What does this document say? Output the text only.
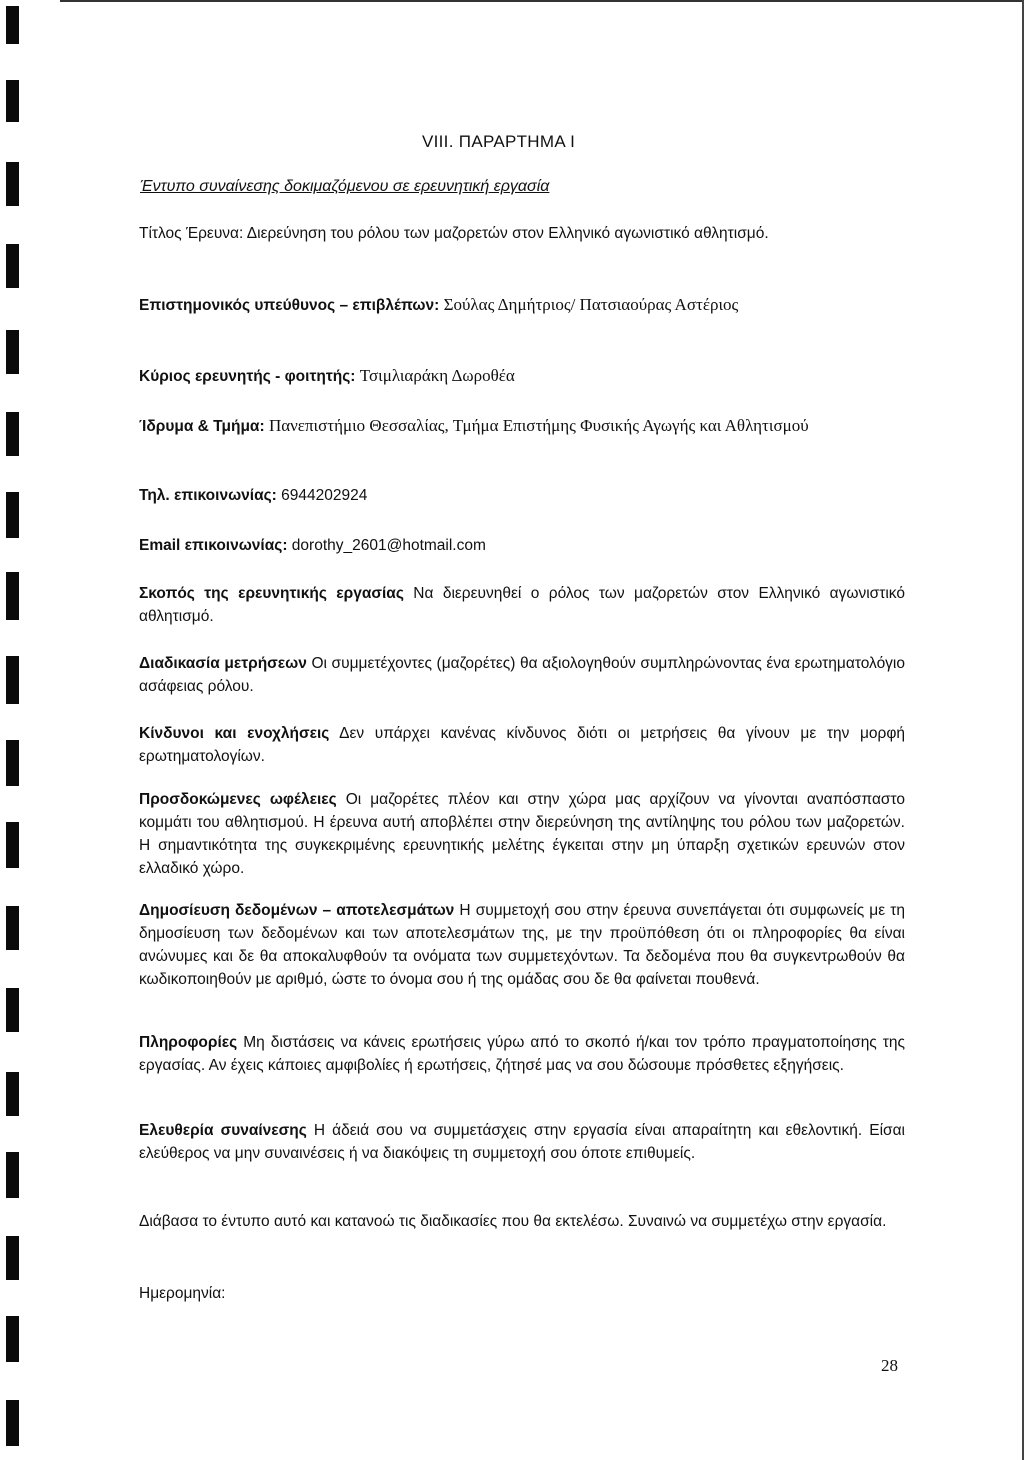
VIII. ΠΑΡΑΡΤΗΜΑ Ι
Έντυπο συναίνεσης δοκιμαζόμενου σε ερευνητική εργασία
Τίτλος Έρευνα: Διερεύνηση του ρόλου των μαζορετών στον Ελληνικό αγωνιστικό αθλητισμό.
Επιστημονικός υπεύθυνος – επιβλέπων: Σούλας Δημήτριος/ Πατσιαούρας Αστέριος
Κύριος ερευνητής - φοιτητής: Τσιμλιαράκη Δωροθέα
Ίδρυμα & Τμήμα: Πανεπιστήμιο Θεσσαλίας, Τμήμα Επιστήμης Φυσικής Αγωγής και Αθλητισμού
Τηλ. επικοινωνίας: 6944202924
Email επικοινωνίας: dorothy_2601@hotmail.com
Σκοπός της ερευνητικής εργασίας Να διερευνηθεί ο ρόλος των μαζορετών στον Ελληνικό αγωνιστικό αθλητισμό.
Διαδικασία μετρήσεων Οι συμμετέχοντες (μαζορέτες) θα αξιολογηθούν συμπληρώνοντας ένα ερωτηματολόγιο ασάφειας ρόλου.
Κίνδυνοι και ενοχλήσεις Δεν υπάρχει κανένας κίνδυνος διότι οι μετρήσεις θα γίνουν με την μορφή ερωτηματολογίων.
Προσδοκώμενες ωφέλειες Οι μαζορέτες πλέον και στην χώρα μας αρχίζουν να γίνονται αναπόσπαστο κομμάτι του αθλητισμού. Η έρευνα αυτή αποβλέπει στην διερεύνηση της αντίληψης του ρόλου των μαζορετών. Η σημαντικότητα της συγκεκριμένης ερευνητικής μελέτης έγκειται στην μη ύπαρξη σχετικών ερευνών στον ελλαδικό χώρο.
Δημοσίευση δεδομένων – αποτελεσμάτων Η συμμετοχή σου στην έρευνα συνεπάγεται ότι συμφωνείς με τη δημοσίευση των δεδομένων και των αποτελεσμάτων της, με την προϋπόθεση ότι οι πληροφορίες θα είναι ανώνυμες και δε θα αποκαλυφθούν τα ονόματα των συμμετεχόντων. Τα δεδομένα που θα συγκεντρωθούν θα κωδικοποιηθούν με αριθμό, ώστε το όνομα σου ή της ομάδας σου δε θα φαίνεται πουθενά.
Πληροφορίες Μη διστάσεις να κάνεις ερωτήσεις γύρω από το σκοπό ή/και τον τρόπο πραγματοποίησης της εργασίας. Αν έχεις κάποιες αμφιβολίες ή ερωτήσεις, ζήτησέ μας να σου δώσουμε πρόσθετες εξηγήσεις.
Ελευθερία συναίνεσης Η άδειά σου να συμμετάσχεις στην εργασία είναι απαραίτητη και εθελοντική. Είσαι ελεύθερος να μην συναινέσεις ή να διακόψεις τη συμμετοχή σου όποτε επιθυμείς.
Διάβασα το έντυπο αυτό και κατανοώ τις διαδικασίες που θα εκτελέσω. Συναινώ να συμμετέχω στην εργασία.
Ημερομηνία:
28
